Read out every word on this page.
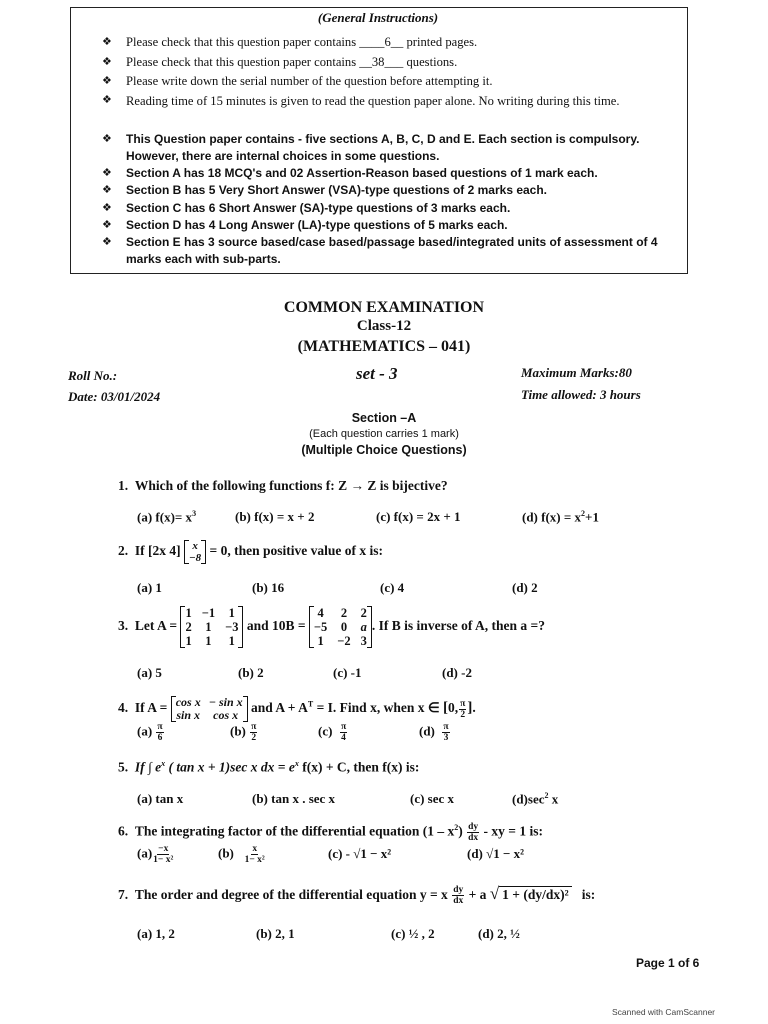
(General Instructions)
❖ Please check that this question paper contains ____6__ printed pages.
❖ Please check that this question paper contains __38___ questions.
❖ Please write down the serial number of the question before attempting it.
❖ Reading time of 15 minutes is given to read the question paper alone. No writing during this time.
❖ This Question paper contains - five sections A, B, C, D and E. Each section is compulsory. However, there are internal choices in some questions.
❖ Section A has 18 MCQ's and 02 Assertion-Reason based questions of 1 mark each.
❖ Section B has 5 Very Short Answer (VSA)-type questions of 2 marks each.
❖ Section C has 6 Short Answer (SA)-type questions of 3 marks each.
❖ Section D has 4 Long Answer (LA)-type questions of 5 marks each.
❖ Section E has 3 source based/case based/passage based/integrated units of assessment of 4 marks each with sub-parts.
COMMON EXAMINATION
Class-12
(MATHEMATICS – 041)
Roll No.:	set - 3	Maximum Marks:80
Date: 03/01/2024	Time allowed: 3 hours
Section –A
(Each question carries 1 mark)
(Multiple Choice Questions)
1. Which of the following functions f: Z → Z is bijective?
(a) $f(x)= x^3$	(b) f(x) = x + 2	(c) f(x) = 2x + 1	(d) $f(x) = x^2+1$
2. If [2x 4]	x
−8 = 0, then positive value of x is:
(a) 1	(b) 16	(c) 4	(d) 2
3. Let A =
1 −1 1
2 1 −3
1 1 1
and 10B =
4 2 2
−5 0 a
1 −2 3
. If B is inverse of A, then a =?
(a) 5	(b) 2	(c) -1	(d) -2
4. If A = cos x − sin x
sin x	cos x and $A + A^T = I$. Find x, when x ∈ [0, $\frac{\pi}{2}$ ].
$(a) \frac{\pi}{6}$	$(b) \frac{\pi}{2}$	$(c) \frac{\pi}{4}$	$(d) \frac{\pi}{3}$
5. If ∫ $e^x$ ( tan x + 1)sec x dx = $e^x$ f(x) + C, then f(x) is:
(a) tan x	(b) tan x . sec x	(c) sec x	$(d)\sec^2$ x
6. The integrating factor of the differential equation $(1 - x^2) \frac{dy}{dx}$ - xy = 1 is:
$(a) \frac{-x}{\text{1− x²}}$	$(b) \frac{x}{\text{1− x²}}$	(c) - √1 − x²	(d) √1 − x²
7. The order and degree of the differential equation y = x $\frac{dy}{dx} + a$ √ 1 + (dy/dx)² is:
(a) 1, 2	(b) 2, 1	(c) ½ , 2	(d) 2, ½
Page 1 of 6
Scanned with CamScanner
